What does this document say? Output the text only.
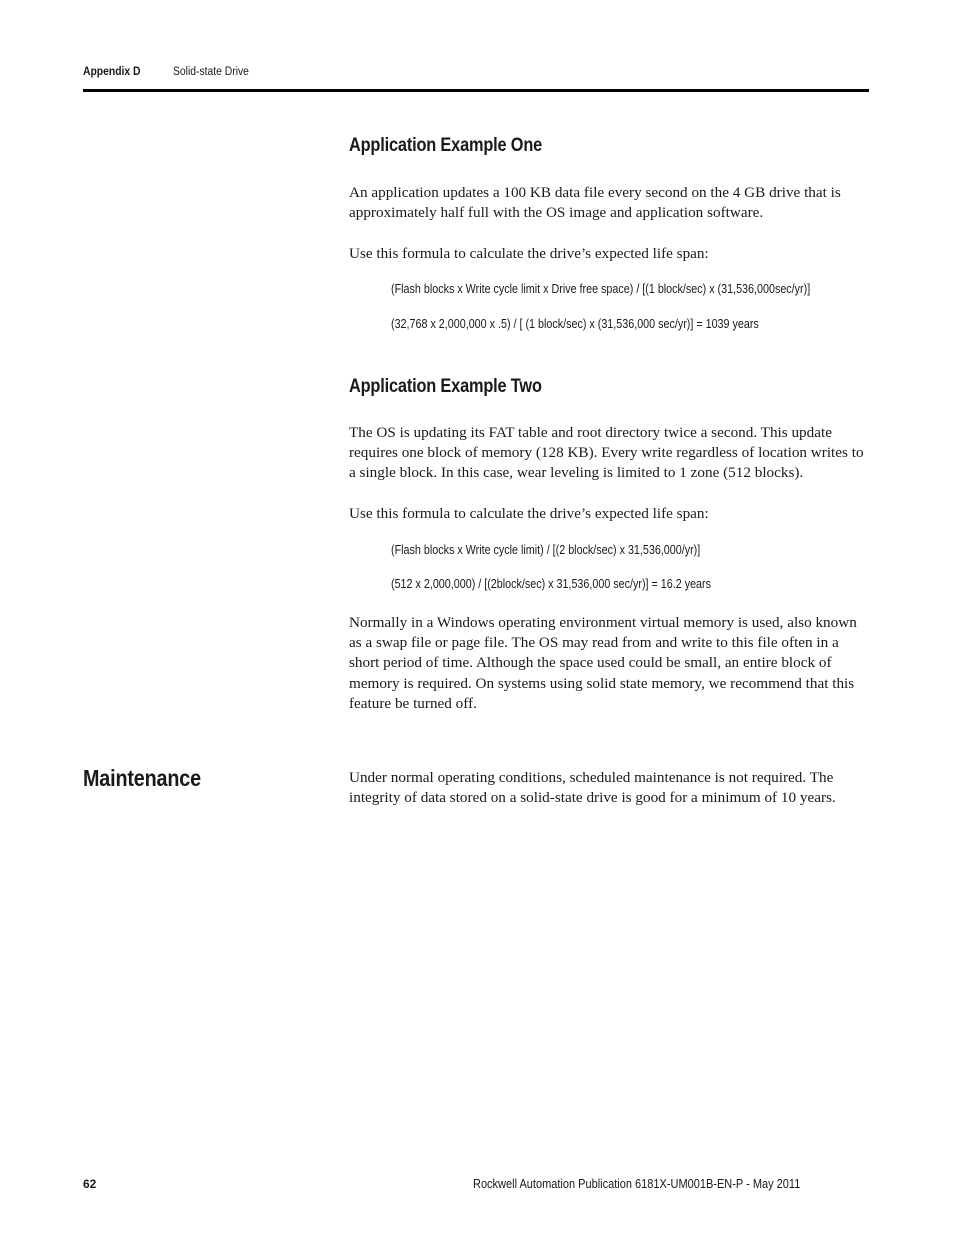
Appendix D	Solid-state Drive
Application Example One

An application updates a 100 KB data file every second on the 4 GB drive that is approximately half full with the OS image and application software.

Use this formula to calculate the drive’s expected life span:

(Flash blocks x Write cycle limit x Drive free space) / [(1 block/sec) x (31,536,000sec/yr)]
(32,768 x 2,000,000 x .5) / [ (1 block/sec) x (31,536,000 sec/yr)] = 1039 years
Application Example Two

The OS is updating its FAT table and root directory twice a second. This update requires one block of memory (128 KB). Every write regardless of location writes to a single block. In this case, wear leveling is limited to 1 zone (512 blocks).

Use this formula to calculate the drive’s expected life span:

(Flash blocks x Write cycle limit) / [(2 block/sec) x 31,536,000/yr)]
(512 x 2,000,000) / [(2block/sec) x 31,536,000 sec/yr)] = 16.2 years

Normally in a Windows operating environment virtual memory is used, also known as a swap file or page file. The OS may read from and write to this file often in a short period of time. Although the space used could be small, an entire block of memory is required. On systems using solid state memory, we recommend that this feature be turned off.

Maintenance	Under normal operating conditions, scheduled maintenance is not required. The integrity of data stored on a solid-state drive is good for a minimum of 10 years.

62	Rockwell Automation Publication 6181X-UM001B-EN-P - May 2011
